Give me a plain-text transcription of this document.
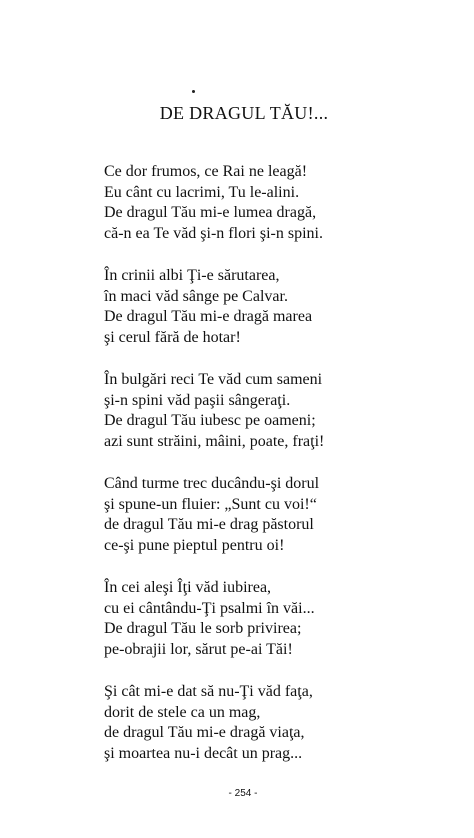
DE DRAGUL TĂU!...
Ce dor frumos, ce Rai ne leagă!
Eu cânt cu lacrimi, Tu le-alini.
De dragul Tău mi-e lumea dragă,
că-n ea Te văd şi-n flori şi-n spini.
În crinii albi Ţi-e sărutarea,
în maci văd sânge pe Calvar.
De dragul Tău mi-e dragă marea
şi cerul fără de hotar!
În bulgări reci Te văd cum sameni
şi-n spini văd paşii sângeraţi.
De dragul Tău iubesc pe oameni;
azi sunt străini, mâini, poate, fraţi!
Când turme trec ducându-şi dorul
şi spune-un fluier: „Sunt cu voi!“
de dragul Tău mi-e drag păstorul
ce-şi pune pieptul pentru oi!
În cei aleşi Îţi văd iubirea,
cu ei cântându-Ţi psalmi în văi...
De dragul Tău le sorb privirea;
pe-obrajii lor, sărut pe-ai Tăi!
Şi cât mi-e dat să nu-Ţi văd faţa,
dorit de stele ca un mag,
de dragul Tău mi-e dragă viaţa,
şi moartea nu-i decât un prag...
- 254 -
